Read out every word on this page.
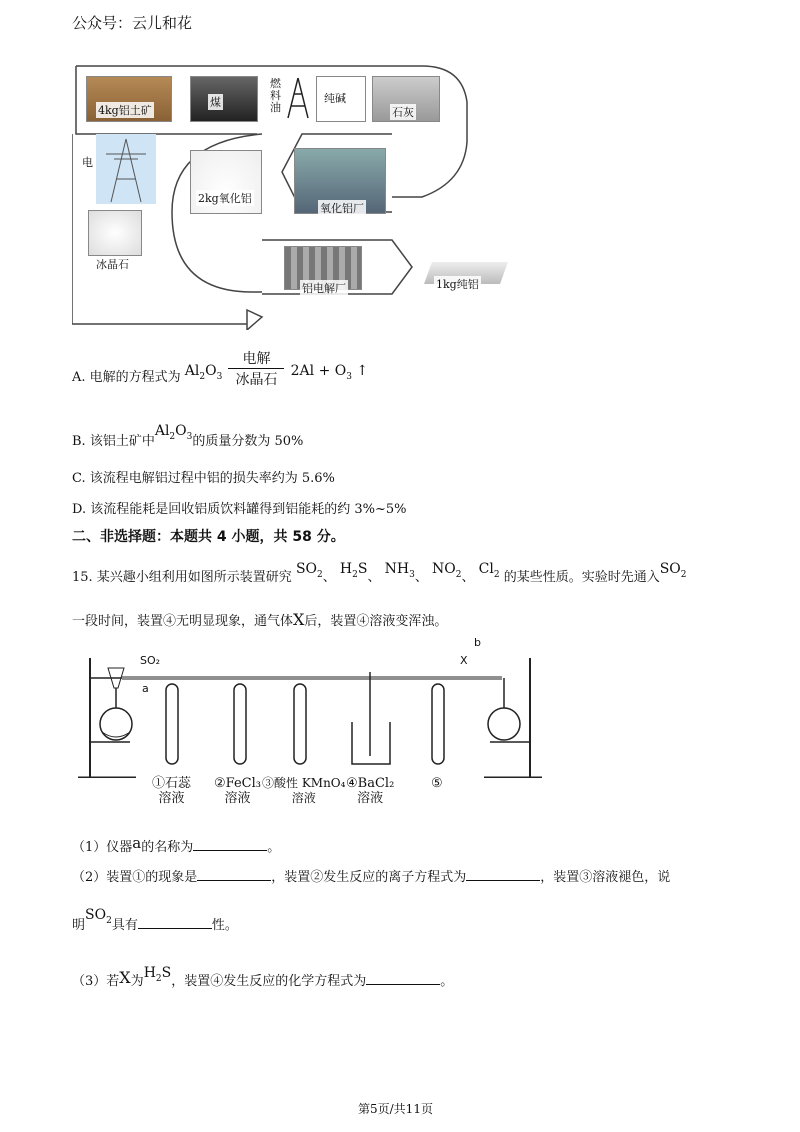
公众号：云儿和花
4kg铝土矿
煤
燃料油
纯碱
石灰
电
冰晶石
2kg氧化铝
氧化铝厂
铝电解厂	1kg纯铝
A. 电解的方程式为 $Al_2O_3$
电解
冰晶石
$2Al + O_3$ ↑
B. 该铝土矿中$Al_2O_3$的质量分数为 50%
C. 该流程电解铝过程中铝的损失率约为 5.6%
D. 该流程能耗是回收铝质饮料罐得到铝能耗的约 3%~5%
二、非选择题：本题共 4 小题，共 58 分。
15. 某兴趣小组利用如图所示装置研究 $SO_2$、 $H_2S$、 $NH_3$、 $NO_2$、 $Cl_2$ 的某些性质。实验时先通入$SO_2$
一段时间，装置④无明显现象，通气体X后，装置④溶液变浑浊。
SO₂	X
a
b
①石蕊
溶液
②FeCl₃
溶液
③酸性 KMnO₄
溶液
④BaCl₂
溶液
⑤
（1）仪器a的名称为	。
（2）装置①的现象是	，装置②发生反应的离子方程式为	，装置③溶液褪色，说
明$SO_2$具有	性。
（3）若X为$H_2S$，装置④发生反应的化学方程式为	。
第5页/共11页
